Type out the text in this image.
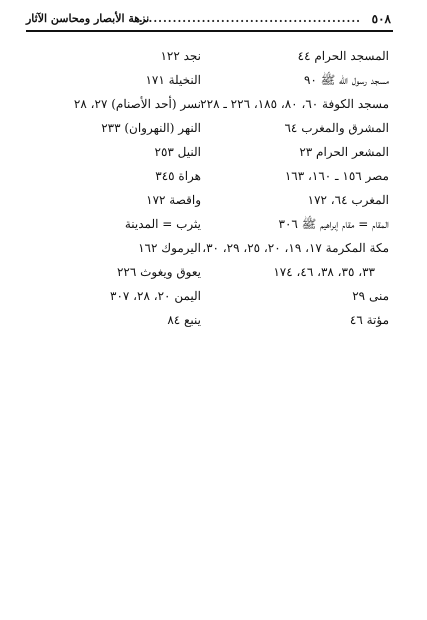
٥٠٨
...............................................
نزهة الأبصار ومحاسن الآثار
المسجد الحرام ٤٤
مسجد رسول الله ﷺ ٩٠
مسجد الكوفة ٦٠، ٨٠، ١٨٥، ٢٢٦ ـ ٢٢٨
المشرق والمغرب ٦٤
المشعر الحرام ٢٣
مصر ١٥٦ ـ ١٦٠، ١٦٣
المغرب ٦٤، ١٧٢
المقام = مقام إبراهيم ﷺ ٣٠٦
مكة المكرمة ١٧، ١٩، ٢٠، ٢٥، ٢٩، ٣٠،
٣٣، ٣٥، ٣٨، ٤٦، ١٧٤
منى ٢٩
مؤتة ٤٦
نجد ١٢٢
النخيلة ١٧١
نسر (أحد الأصنام) ٢٧، ٢٨
النهر (النهروان) ٢٣٣
النيل ٢٥٣
هراة ٣٤٥
واقصة ١٧٢
يثرب = المدينة
اليرموك ١٦٢
يعوق ويغوث ٢٢٦
اليمن ٢٠، ٢٨، ٣٠٧
ينبع ٨٤
